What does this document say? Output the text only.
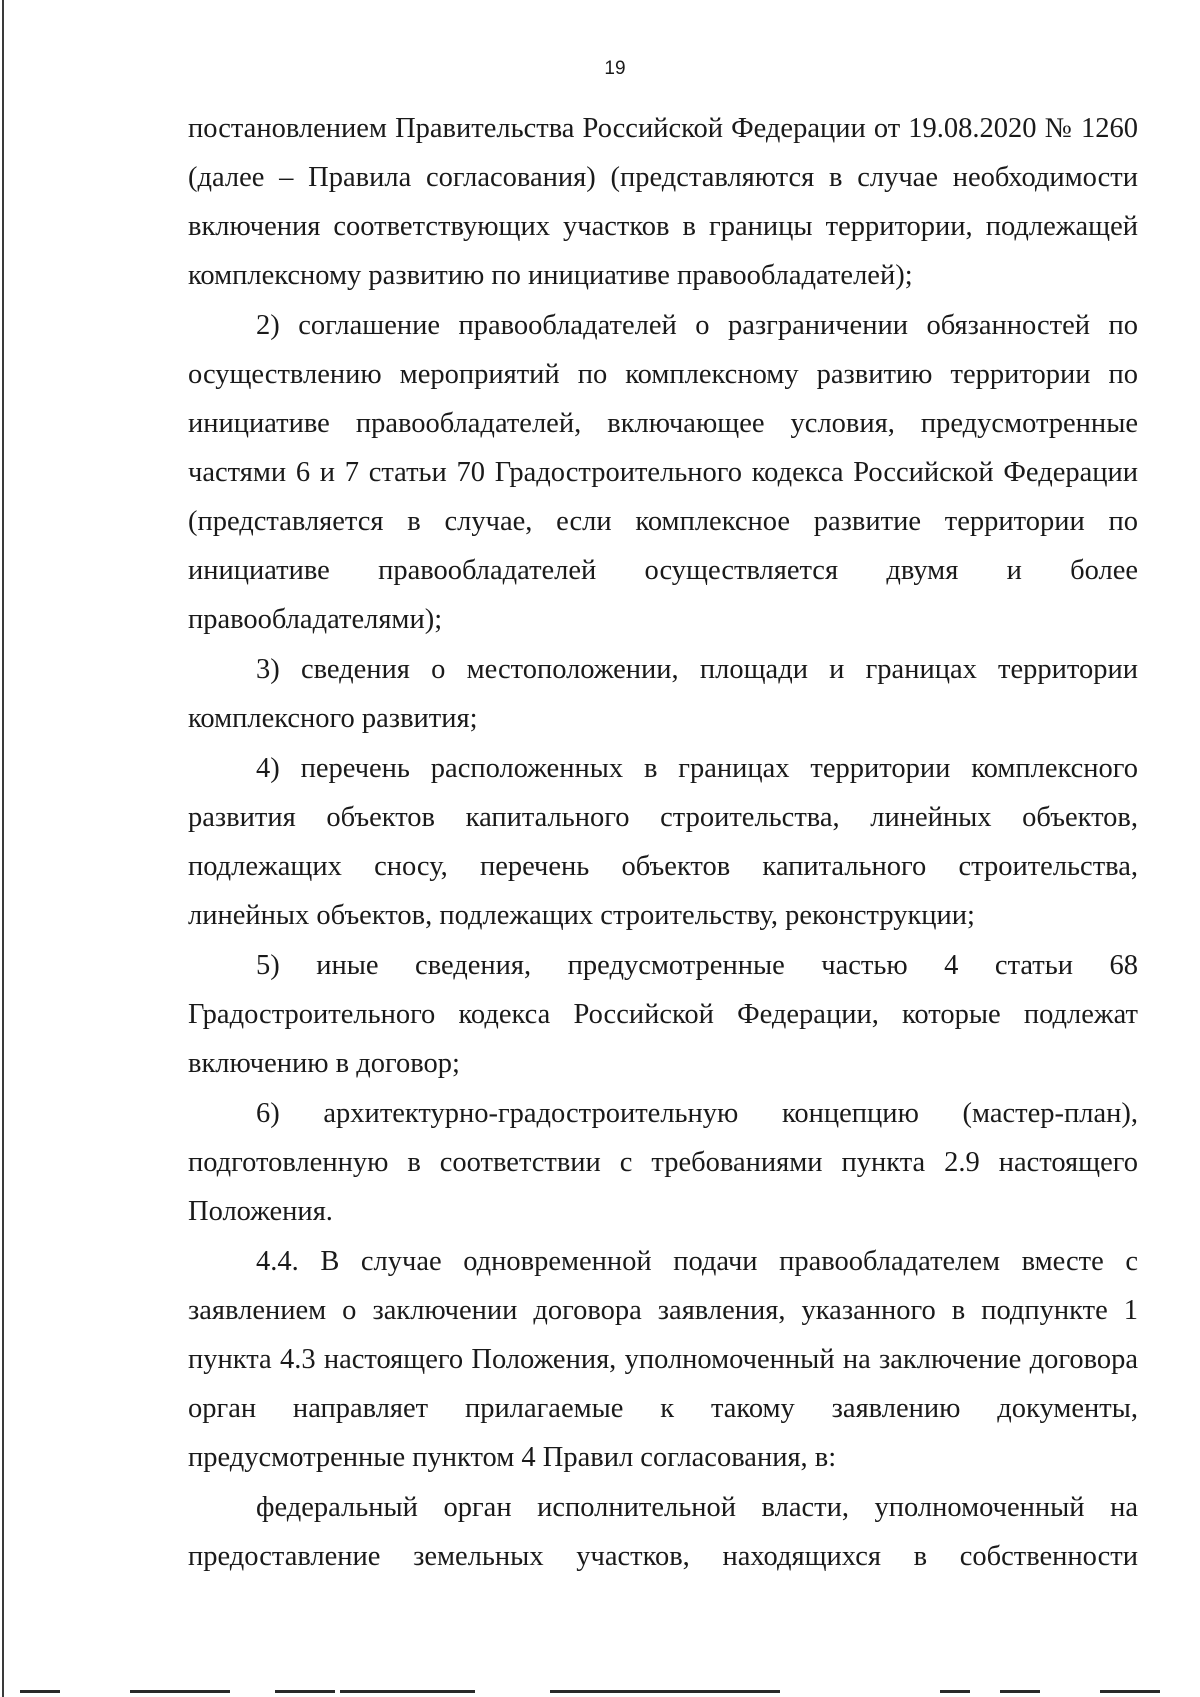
19

постановлением Правительства Российской Федерации от 19.08.2020 № 1260 (далее – Правила согласования) (представляются в случае необходимости включения соответствующих участков в границы территории, подлежащей комплексному развитию по инициативе правообладателей);

2) соглашение правообладателей о разграничении обязанностей по осуществлению мероприятий по комплексному развитию территории по инициативе правообладателей, включающее условия, предусмотренные частями 6 и 7 статьи 70 Градостроительного кодекса Российской Федерации (представляется в случае, если комплексное развитие территории по инициативе правообладателей осуществляется двумя и более правообладателями);

3) сведения о местоположении, площади и границах территории комплексного развития;

4) перечень расположенных в границах территории комплексного развития объектов капитального строительства, линейных объектов, подлежащих сносу, перечень объектов капитального строительства, линейных объектов, подлежащих строительству, реконструкции;

5) иные сведения, предусмотренные частью 4 статьи 68 Градостроительного кодекса Российской Федерации, которые подлежат включению в договор;

6) архитектурно-градостроительную концепцию (мастер-план), подготовленную в соответствии с требованиями пункта 2.9 настоящего Положения.

4.4. В случае одновременной подачи правообладателем вместе с заявлением о заключении договора заявления, указанного в подпункте 1 пункта 4.3 настоящего Положения, уполномоченный на заключение договора орган направляет прилагаемые к такому заявлению документы, предусмотренные пунктом 4 Правил согласования, в:

федеральный орган исполнительной власти, уполномоченный на предоставление земельных участков, находящихся в собственности
